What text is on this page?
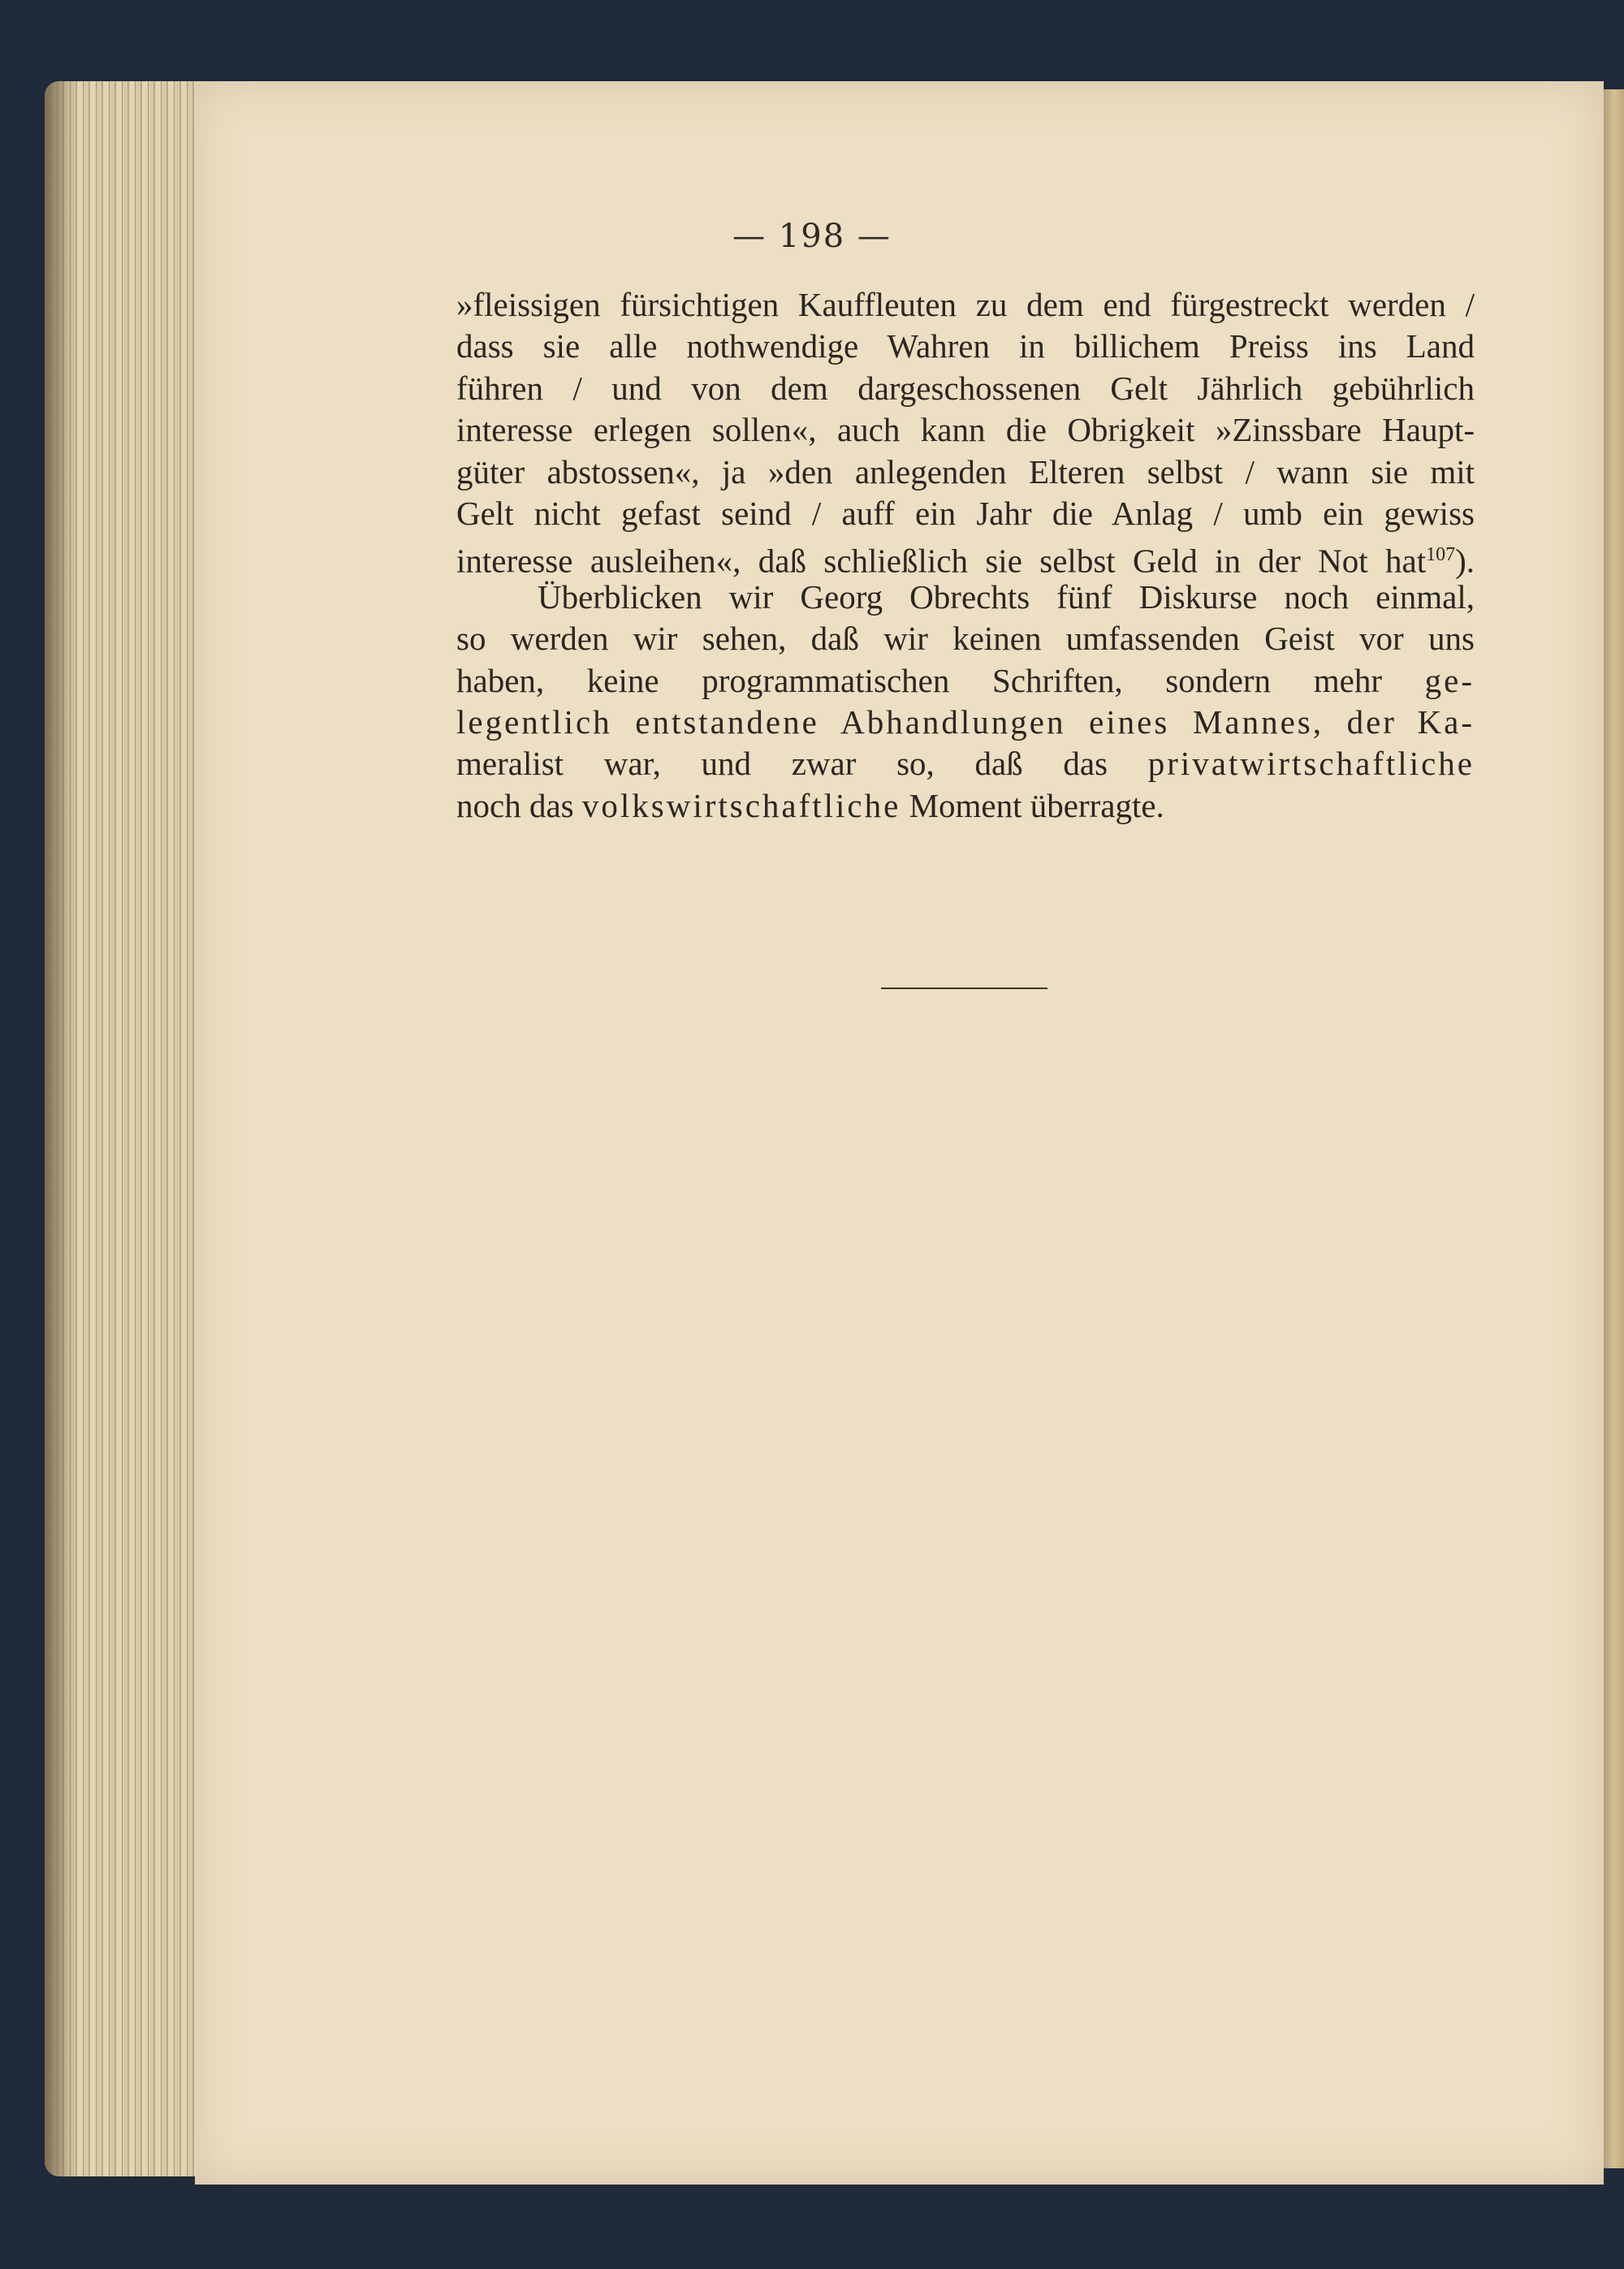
— 198 —
»fleissigen fürsichtigen Kauffleuten zu dem end fürgestreckt werden /
dass sie alle nothwendige Wahren in billichem Preiss ins Land
führen / und von dem dargeschossenen Gelt Jährlich gebührlich
interesse erlegen sollen«, auch kann die Obrigkeit »Zinssbare Haupt-
güter abstossen«, ja »den anlegenden Elteren selbst / wann sie mit
Gelt nicht gefast seind / auff ein Jahr die Anlag / umb ein gewiss
interesse ausleihen«, daß schließlich sie selbst Geld in der Not hat$^{107}$).
Überblicken wir Georg Obrechts fünf Diskurse noch einmal,
so werden wir sehen, daß wir keinen umfassenden Geist vor uns
haben, keine programmatischen Schriften, sondern mehr ge-
legentlich entstandene Abhandlungen eines Mannes, der Ka-
meralist war, und zwar so, daß das privatwirtschaftliche
noch das volkswirtschaftliche Moment überragte.
